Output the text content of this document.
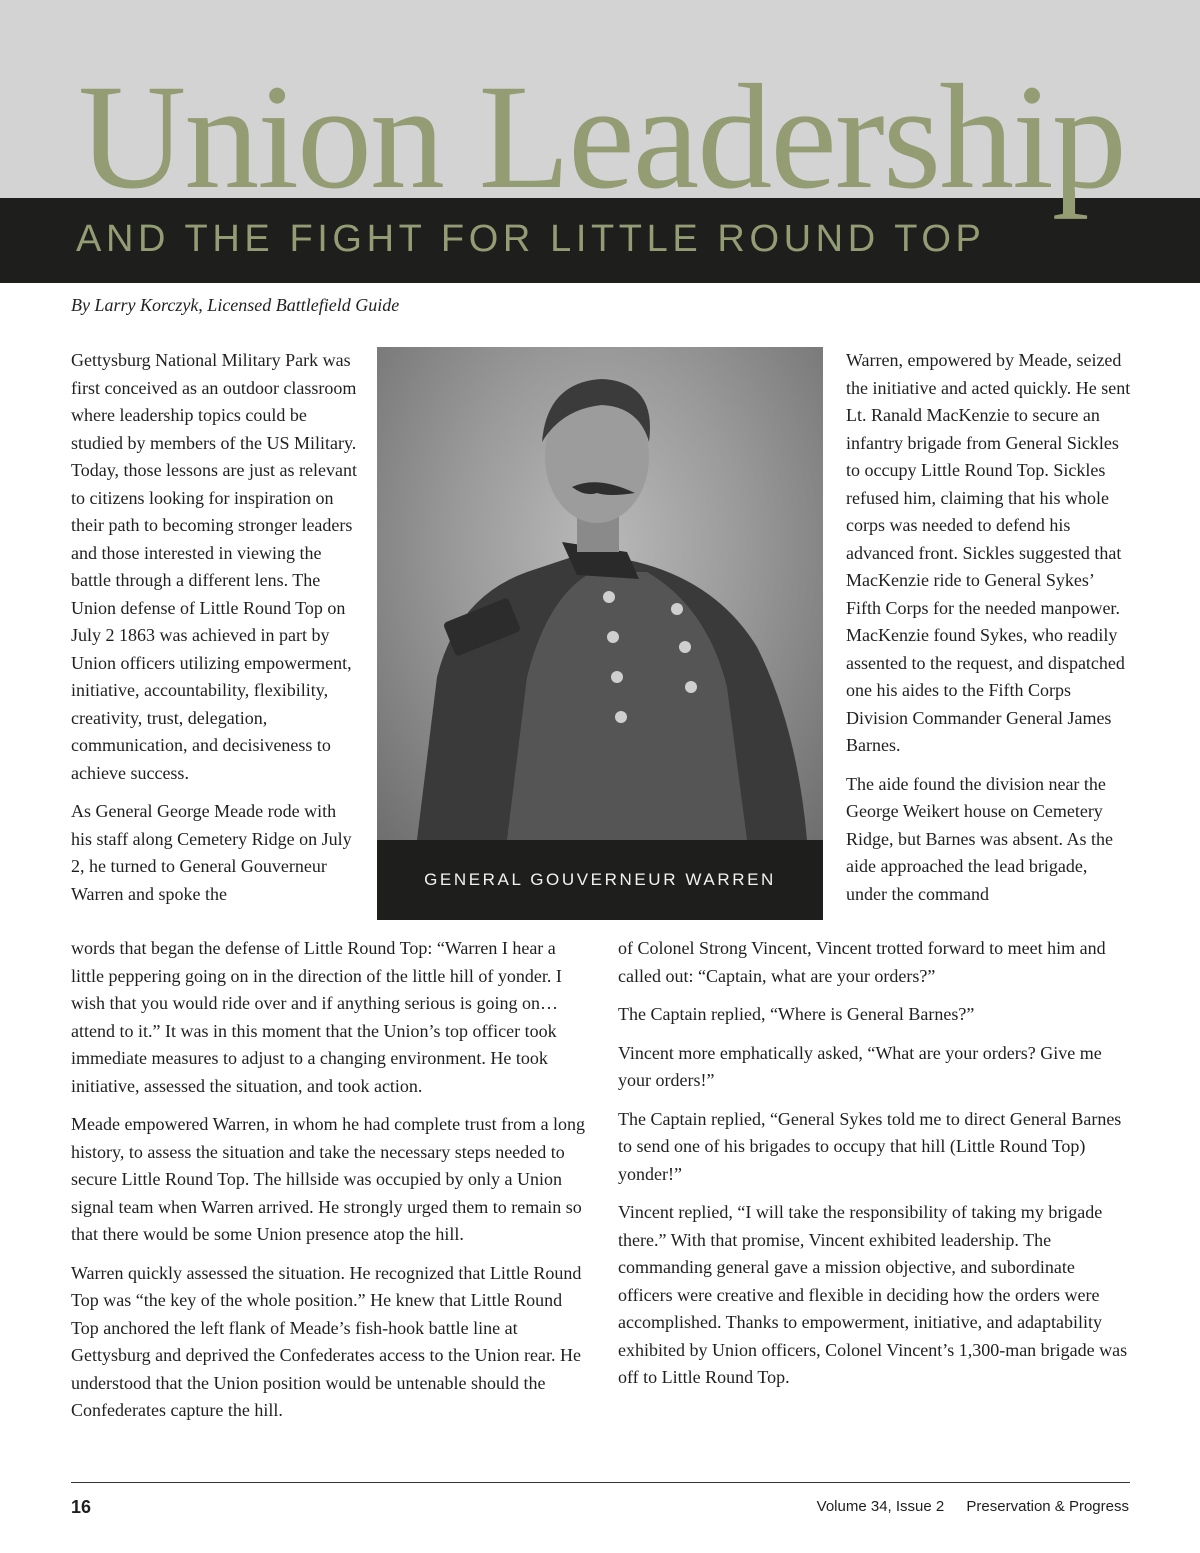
Union Leadership
AND THE FIGHT FOR LITTLE ROUND TOP

By Larry Korczyk, Licensed Battlefield Guide

Gettysburg National Military Park was first conceived as an outdoor classroom where leadership topics could be studied by members of the US Military. Today, those lessons are just as relevant to citizens looking for inspiration on their path to becoming stronger leaders and those interested in viewing the battle through a different lens. The Union defense of Little Round Top on July 2 1863 was achieved in part by Union officers utilizing empowerment, initiative, accountability, flexibility, creativity, trust, delegation, communication, and decisiveness to achieve success.

As General George Meade rode with his staff along Cemetery Ridge on July 2, he turned to General Gouverneur Warren and spoke the

GENERAL GOUVERNEUR WARREN

Warren, empowered by Meade, seized the initiative and acted quickly. He sent Lt. Ranald MacKenzie to secure an infantry brigade from General Sickles to occupy Little Round Top. Sickles refused him, claiming that his whole corps was needed to defend his advanced front. Sickles suggested that MacKenzie ride to General Sykes’ Fifth Corps for the needed manpower. MacKenzie found Sykes, who readily assented to the request, and dispatched one his aides to the Fifth Corps Division Commander General James Barnes.

The aide found the division near the George Weikert house on Cemetery Ridge, but Barnes was absent. As the aide approached the lead brigade, under the command

words that began the defense of Little Round Top: “Warren I hear a little peppering going on in the direction of the little hill of yonder. I wish that you would ride over and if anything serious is going on…attend to it.” It was in this moment that the Union’s top officer took immediate measures to adjust to a changing environment. He took initiative, assessed the situation, and took action.

Meade empowered Warren, in whom he had complete trust from a long history, to assess the situation and take the necessary steps needed to secure Little Round Top. The hillside was occupied by only a Union signal team when Warren arrived. He strongly urged them to remain so that there would be some Union presence atop the hill.

Warren quickly assessed the situation. He recognized that Little Round Top was “the key of the whole position.” He knew that Little Round Top anchored the left flank of Meade’s fish-hook battle line at Gettysburg and deprived the Confederates access to the Union rear. He understood that the Union position would be untenable should the Confederates capture the hill.

of Colonel Strong Vincent, Vincent trotted forward to meet him and called out: “Captain, what are your orders?”

The Captain replied, “Where is General Barnes?”

Vincent more emphatically asked, “What are your orders? Give me your orders!”

The Captain replied, “General Sykes told me to direct General Barnes to send one of his brigades to occupy that hill (Little Round Top) yonder!”

Vincent replied, “I will take the responsibility of taking my brigade there.” With that promise, Vincent exhibited leadership. The commanding general gave a mission objective, and subordinate officers were creative and flexible in deciding how the orders were accomplished. Thanks to empowerment, initiative, and adaptability exhibited by Union officers, Colonel Vincent’s 1,300-man brigade was off to Little Round Top.

16	Volume 34, Issue 2 Preservation & Progress
